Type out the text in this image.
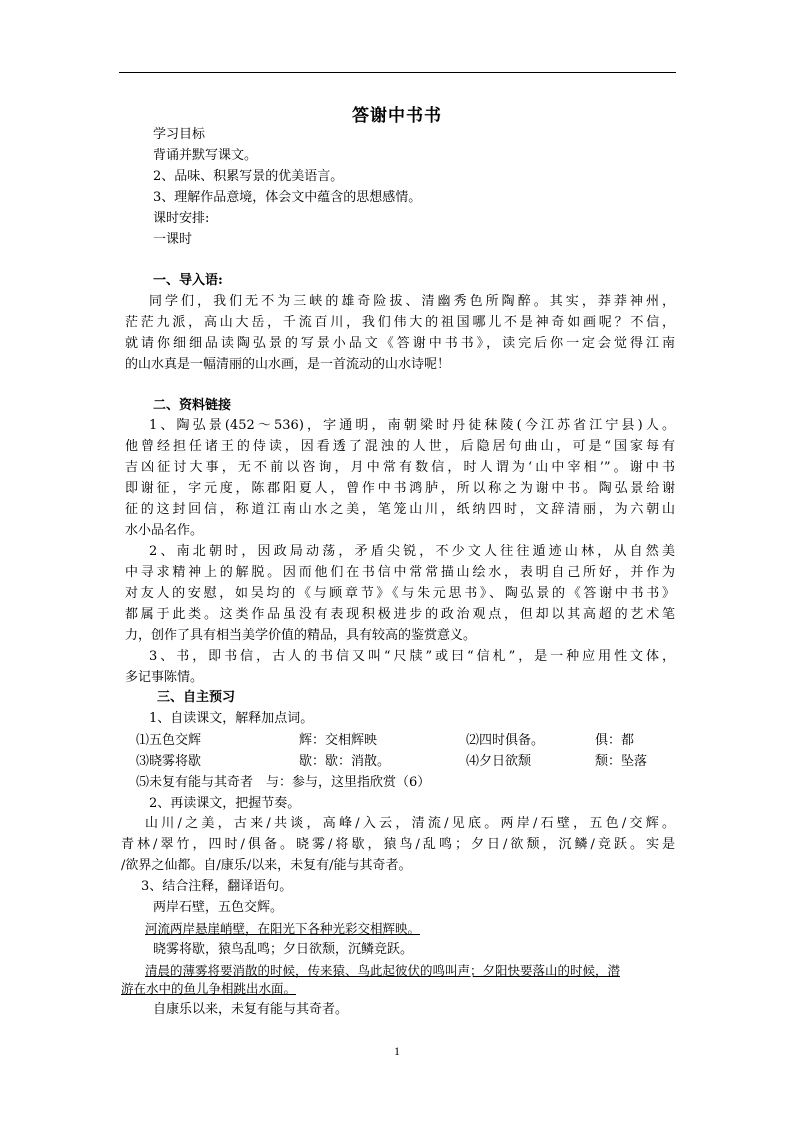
答谢中书书
学习目标
背诵并默写课文。
2、品味、积累写景的优美语言。
3、理解作品意境，体会文中蕴含的思想感情。
课时安排:
一课时
一、导入语:
同学们，我们无不为三峡的雄奇险拔、清幽秀色所陶醉。其实，莽莽神州，
茫茫九派，高山大岳，千流百川，我们伟大的祖国哪儿不是神奇如画呢？不信，
就请你细细品读陶弘景的写景小品文《答谢中书书》，读完后你一定会觉得江南
的山水真是一幅清丽的山水画，是一首流动的山水诗呢！
二、资料链接
1、陶弘景(452～536)，字通明，南朝梁时丹徒秣陵(今江苏省江宁县)人。
他曾经担任诸王的侍读，因看透了混浊的人世，后隐居句曲山，可是“国家每有
吉凶征讨大事，无不前以咨询，月中常有数信，时人谓为‘山中宰相’”。谢中书
即谢征，字元度，陈郡阳夏人，曾作中书鸿胪，所以称之为谢中书。陶弘景给谢
征的这封回信，称道江南山水之美，笔笼山川，纸纳四时，文辞清丽，为六朝山
水小品名作。
2、南北朝时，因政局动荡，矛盾尖锐，不少文人往往遁迹山林，从自然美
中寻求精神上的解脱。因而他们在书信中常常描山绘水，表明自己所好，并作为
对友人的安慰，如吴均的《与顾章节》《与朱元思书》、陶弘景的《答谢中书书》
都属于此类。这类作品虽没有表现积极进步的政治观点，但却以其高超的艺术笔
力，创作了具有相当美学价值的精品，具有较高的鉴赏意义。
3、书，即书信，古人的书信又叫“尺牍”或曰“信札”，是一种应用性文体，
多记事陈情。
三、自主预习
1、自读课文，解释加点词。
⑴五色交辉	辉：交相辉映	⑵四时俱备。	俱：都
⑶晓雾将歇	歇：歇：消散。	⑷夕日欲颓	颓：坠落
⑸未复有能与其奇者　与：参与，这里指欣赏（6）
2、再读课文，把握节奏。
山川/之美，古来/共谈，高峰/入云，清流/见底。两岸/石壁，五色/交辉。
青林/翠竹，四时/俱备。晓雾/将歇，猿鸟/乱鸣；夕日/欲颓，沉鳞/竞跃。实是
/欲界之仙都。自/康乐/以来，未复有/能与其奇者。
3、结合注释，翻译语句。
两岸石壁，五色交辉。
河流两岸悬崖峭壁，在阳光下各种光彩交相辉映。
晓雾将歇，猿鸟乱鸣；夕日欲颓，沉鳞竞跃。
清晨的薄雾将要消散的时候，传来猿、鸟此起彼伏的鸣叫声；夕阳快要落山的时候，潜
游在水中的鱼儿争相跳出水面。
自康乐以来，未复有能与其奇者。
1
